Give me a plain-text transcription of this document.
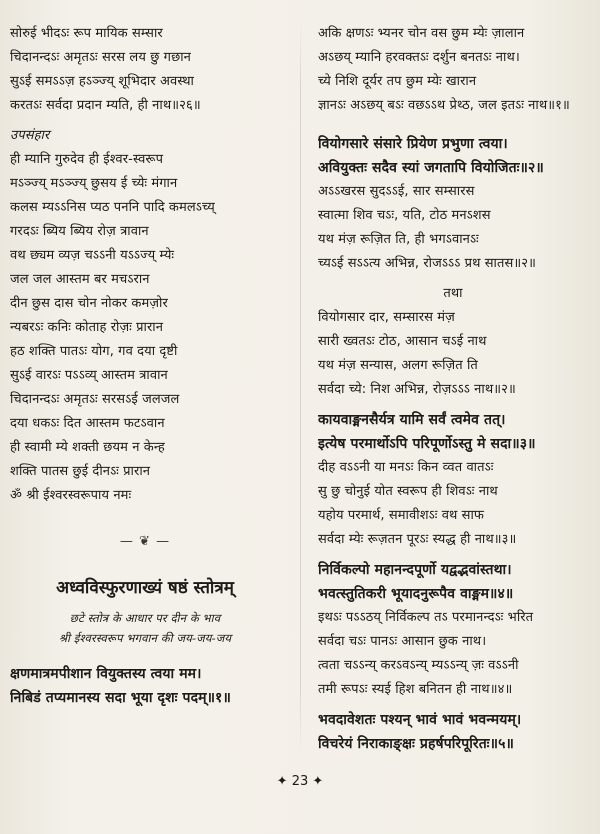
सोरुई भीदऽः रूप मायिक सम्सार
चिदानन्दऽः अमृतऽः सरस लय छु गछान
सुऽई समऽऽज़ हऽञ्ज्य् शूभिदार अवस्था
करतऽः सर्वदा प्रदान म्यति, ही नाथ॥२६॥
उपसंहार
ही म्यानि गुरुदेव ही ईश्वर-स्वरूप
मऽञ्ज्य् मऽञ्ज्य् छुसय ई च्येः मंगान
कलस म्यऽऽनिस प्यठ पननि पादि कमलऽच्य्
गरदऽः ब्यिय ब्यिय रोज़ त्रावान
वथ छ्यम व्यज़ चऽऽनी यऽऽज्य् म्येः
जल जल आस्तम बर मचऽरान
दीन छुस दास चोन नोकर कमज़ोर
न्यबरऽः कनिः कोताह रोज़ः प्रारान
हठ शक्ति पातऽः योग, गव दया दृष्टी
सुऽई वारऽः पऽऽव्य् आस्तम त्रावान
चिदानन्दऽः अमृतऽः सरसऽई जलजल
दया धकऽः दित आस्तम फटऽवान
ही स्वामी म्ये शक्ती छयम न केन्ह
शक्ति पातस छुई दीनऽः प्रारान
ॐ श्री ईश्वरस्वरूपाय नमः
— ❦ —
अध्वविस्फुरणाख्यं षष्ठं स्तोत्रम्
छटे स्तोत्र के आधार पर दीन के भाव
श्री ईश्वरस्वरूप भगवान की जय-जय-जय
क्षणमात्रमपीशान वियुक्तस्य त्वया मम।
निबिडं तप्यमानस्य सदा भूया दृशः पदम्॥१॥
अकि क्षणऽः भ्यनर चोन वस छुम म्येः ज़ालान
अऽछय् म्यानि हरवक्तऽः दर्शुन बनतऽः नाथ।
च्ये निशि दूर्यर तप छुम म्येः खारान
ज्ञानऽः अऽछय् बऽः वछऽऽथ प्रेथ्ठ, जल इतऽः नाथ॥१॥
वियोगसारे संसारे प्रियेण प्रभुणा त्वया।
अवियुक्तः सदैव स्यां जगतापि वियोजितः॥२॥
अऽऽखरस सुदऽऽई, सार सम्सारस
स्वात्मा शिव चऽः, यति, टोठ मनऽशस
यथ मंज़ रूज़ित ति, ही भगऽवानऽः
च्यऽई सऽऽत्य अभिन्न, रोजऽऽऽ प्रथ सातस॥२॥
तथा
वियोगसार दार, सम्सारस मंज़
सारी ख्वतऽः टोठ, आसान चऽई नाथ
यथ मंज़ सन्यास, अलग रूज़ित ति
सर्वदा च्ये: निश अभिन्न, रोज़ऽऽऽ नाथ॥२॥
कायवाङ्मनसैर्यत्र यामि सर्वं त्वमेव तत्।
इत्येष परमार्थोऽपि परिपूर्णोऽस्तु मे सदा॥३॥
दीह वऽऽनी या मनऽः किन व्वत वातऽः
सु छु चोनुई योत स्वरूप ही शिवऽः नाथ
यहोय परमार्थ, समावीशऽः वथ साफ
सर्वदा म्येः रूज़तन पूरऽः स्यद्ध ही नाथ॥३॥
निर्विकल्पो महानन्दपूर्णो यद्वद्भवांस्तथा।
भवत्स्तुतिकरी भूयादनुरूपैव वाङ्मम॥४॥
इथऽः पऽऽठय् निर्विकल्प तऽ परमानन्दऽः भरित
सर्वदा चऽः पानऽः आसान छुक नाथ।
त्वता चऽऽन्य् करऽवऽन्य् म्यऽऽन्य् ज़ः वऽऽनी
तमी रूपऽः स्यई हिश बनितन ही नाथ॥४॥
भवदावेशतः पश्यन् भावं भावं भवन्मयम्।
विचरेयं निराकाङ्क्षः प्रहर्षपरिपूरितः॥५॥
✦ 23 ✦
